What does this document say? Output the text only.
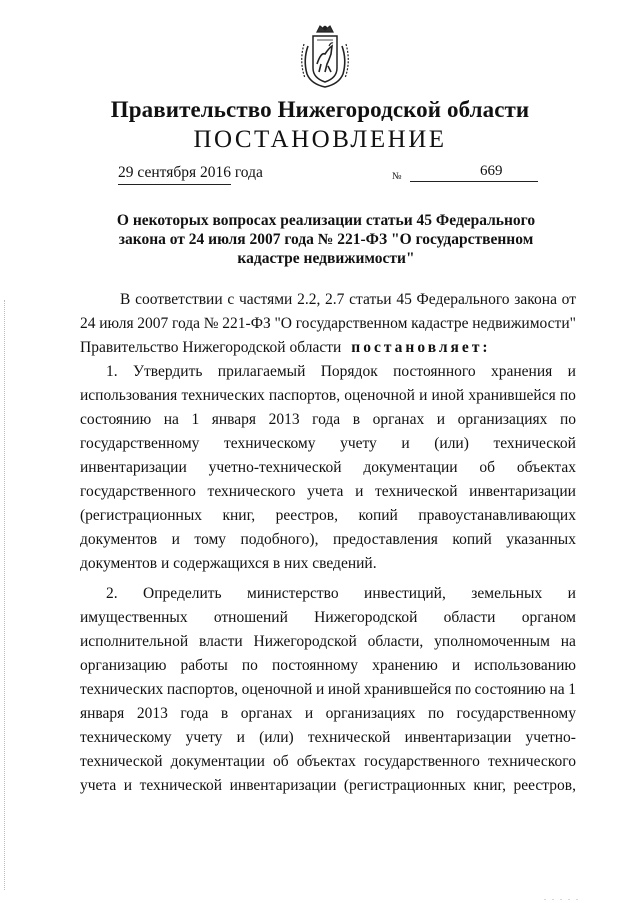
Правительство Нижегородской области
ПОСТАНОВЛЕНИЕ
29 сентября 2016 года	№	669
О некоторых вопросах реализации статьи 45 Федерального
закона от 24 июля 2007 года № 221-ФЗ "О государственном
кадастре недвижимости"
В соответствии с частями 2.2, 2.7 статьи 45 Федерального закона от
24 июля 2007 года № 221-ФЗ "О государственном кадастре недвижимости"
Правительство Нижегородской области постановляет:
1. Утвердить прилагаемый Порядок постоянного хранения и
использования технических паспортов, оценочной и иной хранившейся по
состоянию на 1 января 2013 года в органах и организациях по
государственному техническому учету и (или) технической
инвентаризации учетно-технической документации об объектах
государственного технического учета и технической инвентаризации
(регистрационных книг, реестров, копий правоустанавливающих
документов и тому подобного), предоставления копий указанных
документов и содержащихся в них сведений.
2. Определить министерство инвестиций, земельных и
имущественных отношений Нижегородской области органом
исполнительной власти Нижегородской области, уполномоченным на
организацию работы по постоянному хранению и использованию
технических паспортов, оценочной и иной хранившейся по состоянию на 1
января 2013 года в органах и организациях по государственному
техническому учету и (или) технической инвентаризации учетно-
технической документации об объектах государственного технического
учета и технической инвентаризации (регистрационных книг, реестров,
. . . . .
